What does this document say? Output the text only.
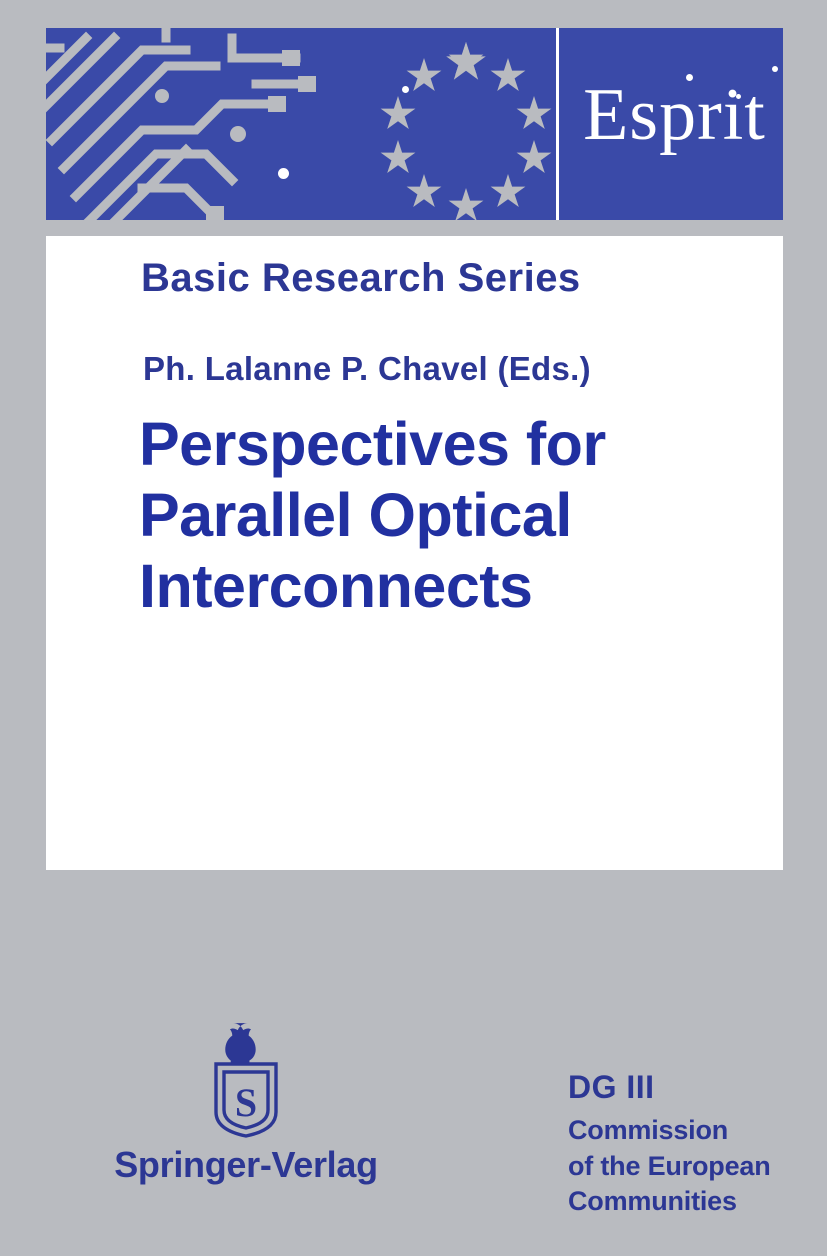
Esprit
Basic Research Series
Ph. Lalanne P. Chavel (Eds.)
Perspectives for Parallel Optical Interconnects
S
Springer-Verlag
DG III
Commission
of the European
Communities
